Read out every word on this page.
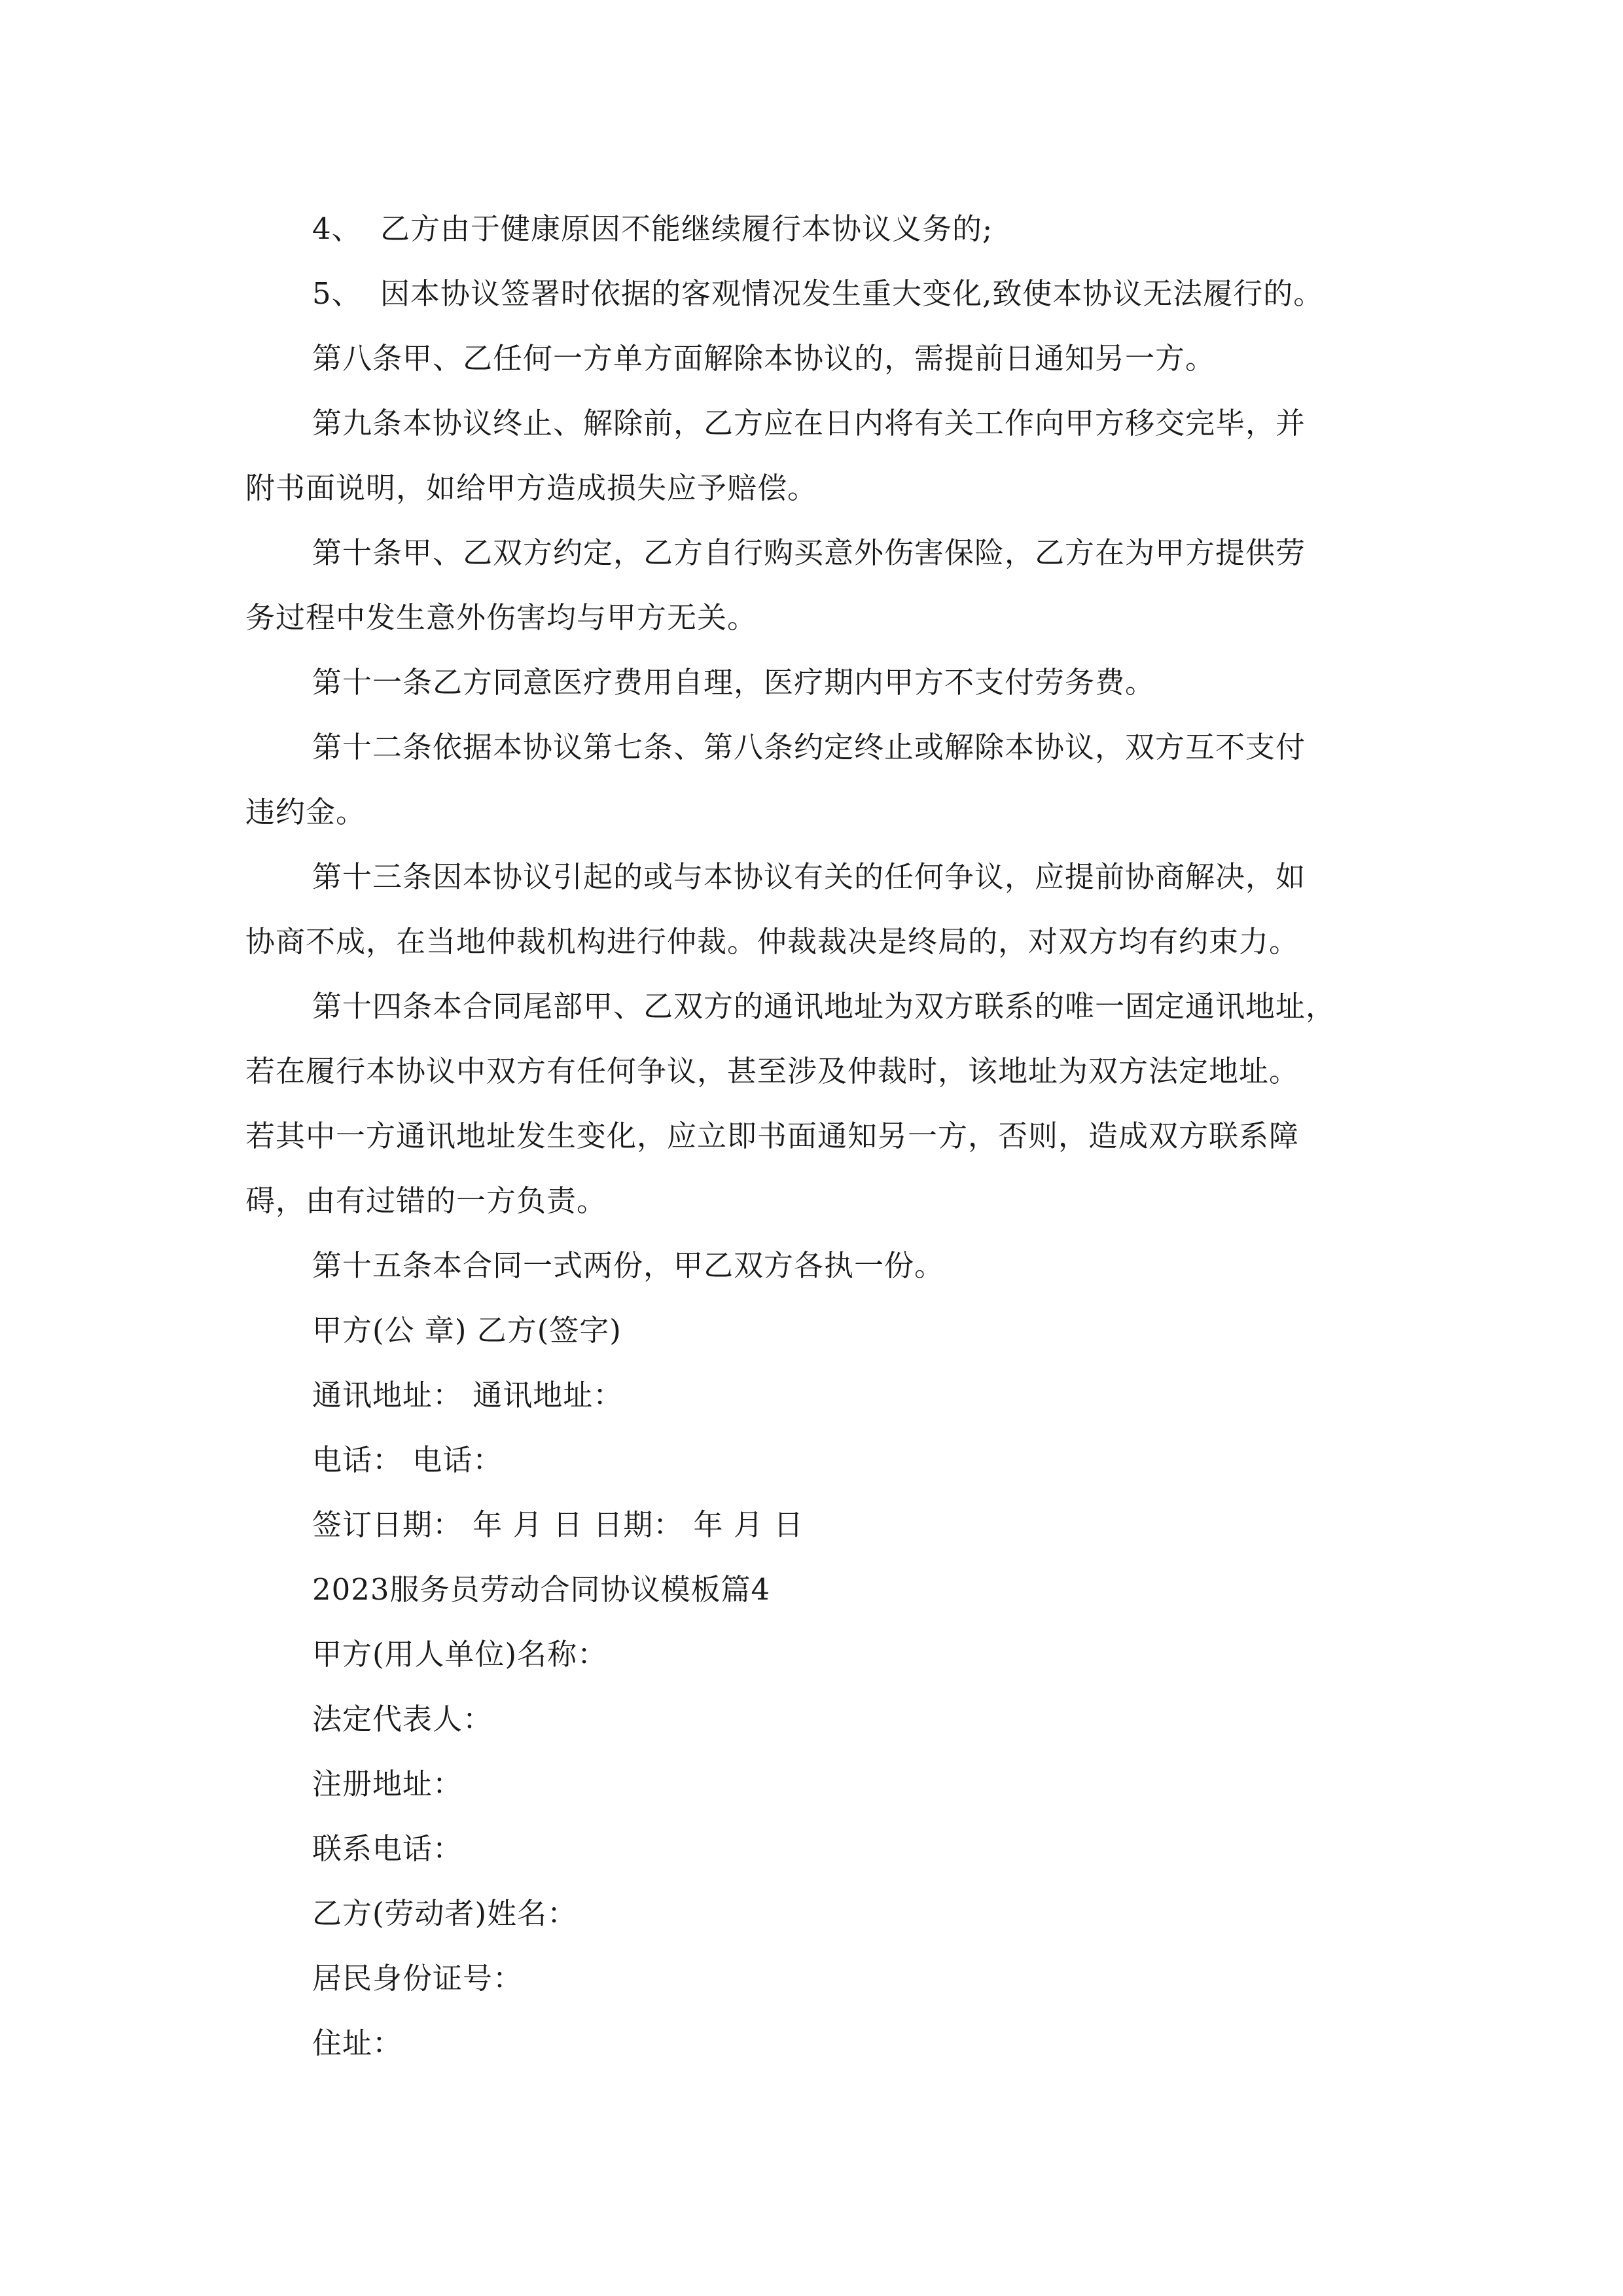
4、 乙方由于健康原因不能继续履行本协议义务的;
5、 因本协议签署时依据的客观情况发生重大变化,致使本协议无法履行的。
第八条甲、乙任何一方单方面解除本协议的，需提前日通知另一方。
第九条本协议终止、解除前，乙方应在日内将有关工作向甲方移交完毕，并
附书面说明，如给甲方造成损失应予赔偿。
第十条甲、乙双方约定，乙方自行购买意外伤害保险，乙方在为甲方提供劳
务过程中发生意外伤害均与甲方无关。
第十一条乙方同意医疗费用自理，医疗期内甲方不支付劳务费。
第十二条依据本协议第七条、第八条约定终止或解除本协议，双方互不支付
违约金。
第十三条因本协议引起的或与本协议有关的任何争议，应提前协商解决，如
协商不成，在当地仲裁机构进行仲裁。仲裁裁决是终局的，对双方均有约束力。
第十四条本合同尾部甲、乙双方的通讯地址为双方联系的唯一固定通讯地址，
若在履行本协议中双方有任何争议，甚至涉及仲裁时，该地址为双方法定地址。
若其中一方通讯地址发生变化，应立即书面通知另一方，否则，造成双方联系障
碍，由有过错的一方负责。
第十五条本合同一式两份，甲乙双方各执一份。
甲方(公 章) 乙方(签字)
通讯地址： 通讯地址：
电话： 电话：
签订日期： 年 月 日 日期： 年 月 日
2023服务员劳动合同协议模板篇4
甲方(用人单位)名称：
法定代表人：
注册地址：
联系电话：
乙方(劳动者)姓名：
居民身份证号：
住址：
